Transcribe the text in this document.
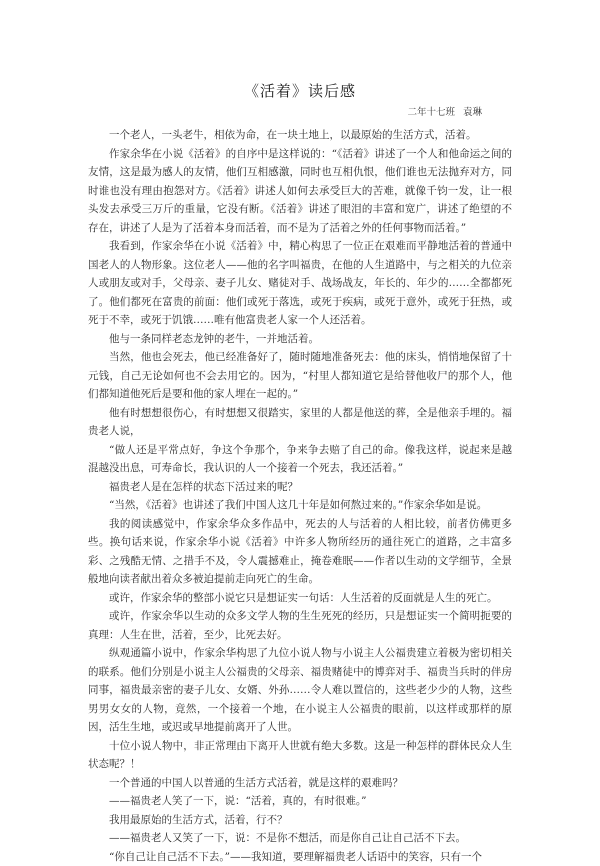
《活着》读后感
二年十七班 袁琳

一个老人，一头老牛，相依为命，在一块土地上，以最原始的生活方式，活着。

作家余华在小说《活着》的自序中是这样说的：“《活着》讲述了一个人和他命运之间的友情，这是最为感人的友情，他们互相感激，同时也互相仇恨，他们谁也无法抛弃对方，同时谁也没有理由抱怨对方。《活着》讲述人如何去承受巨大的苦难，就像千钧一发，让一根头发去承受三万斤的重量，它没有断。《活着》讲述了眼泪的丰富和宽广，讲述了绝望的不存在，讲述了人是为了活着本身而活着，而不是为了活着之外的任何事物而活着。”

我看到，作家余华在小说《活着》中，精心构思了一位正在艰难而平静地活着的普通中国老人的人物形象。这位老人——他的名字叫福贵，在他的人生道路中，与之相关的九位亲人或朋友或对手，父母亲、妻子儿女、赌徒对手、战场战友，年长的、年少的……全都都死了。他们都死在富贵的前面：他们或死于落选，或死于疾病，或死于意外，或死于狂热，或死于不幸，或死于饥饿……唯有他富贵老人家一个人还活着。

他与一条同样老态龙钟的老牛，一并地活着。

当然，他也会死去，他已经准备好了，随时随地准备死去：他的床头，悄悄地保留了十元钱，自己无论如何也不会去用它的。因为，“村里人都知道它是给替他收尸的那个人，他们都知道他死后是要和他的家人埋在一起的。”

他有时想想很伤心，有时想想又很踏实，家里的人都是他送的葬，全是他亲手埋的。福贵老人说，

“做人还是平常点好，争这个争那个，争来争去赔了自己的命。像我这样，说起来是越混越没出息，可寿命长，我认识的人一个接着一个死去，我还活着。”

福贵老人是在怎样的状态下活过来的呢？

“当然，《活着》也讲述了我们中国人这几十年是如何熬过来的。”作家余华如是说。

我的阅读感觉中，作家余华众多作品中，死去的人与活着的人相比较，前者仿佛更多些。换句话来说，作家余华小说《活着》中许多人物所经历的通往死亡的道路，之丰富多彩、之残酷无情、之措手不及，令人震撼难止，掩卷难眠——作者以生动的文学细节，全景般地向读者献出着众多被迫提前走向死亡的生命。

或许，作家余华的整部小说它只是想证实一句话：人生活着的反面就是人生的死亡。

或许，作家余华以生动的众多文学人物的生生死死的经历，只是想证实一个简明扼要的真理：人生在世，活着，至少，比死去好。

纵观通篇小说中，作家余华构思了九位小说人物与小说主人公福贵建立着极为密切相关的联系。他们分别是小说主人公福贵的父母亲、福贵赌徒中的博弈对手、福贵当兵时的伴房同事，福贵最亲密的妻子儿女、女婿、外孙……令人难以置信的，这些老少少的人物，这些男男女女的人物，竟然，一个接着一个地，在小说主人公福贵的眼前，以这样或那样的原因，活生生地，或迟或早地提前离开了人世。

十位小说人物中，非正常理由下离开人世就有绝大多数。这是一种怎样的群体民众人生状态呢？！

一个普通的中国人以普通的生活方式活着，就是这样的艰难吗？

——福贵老人笑了一下，说：“活着，真的，有时很难。”

我用最原始的生活方式，活着，行不？

——福贵老人又笑了一下，说：不是你不想活，而是你自己让自己活不下去。

“你自己让自己活不下去。”——我知道，要理解福贵老人话语中的笑容，只有一个
